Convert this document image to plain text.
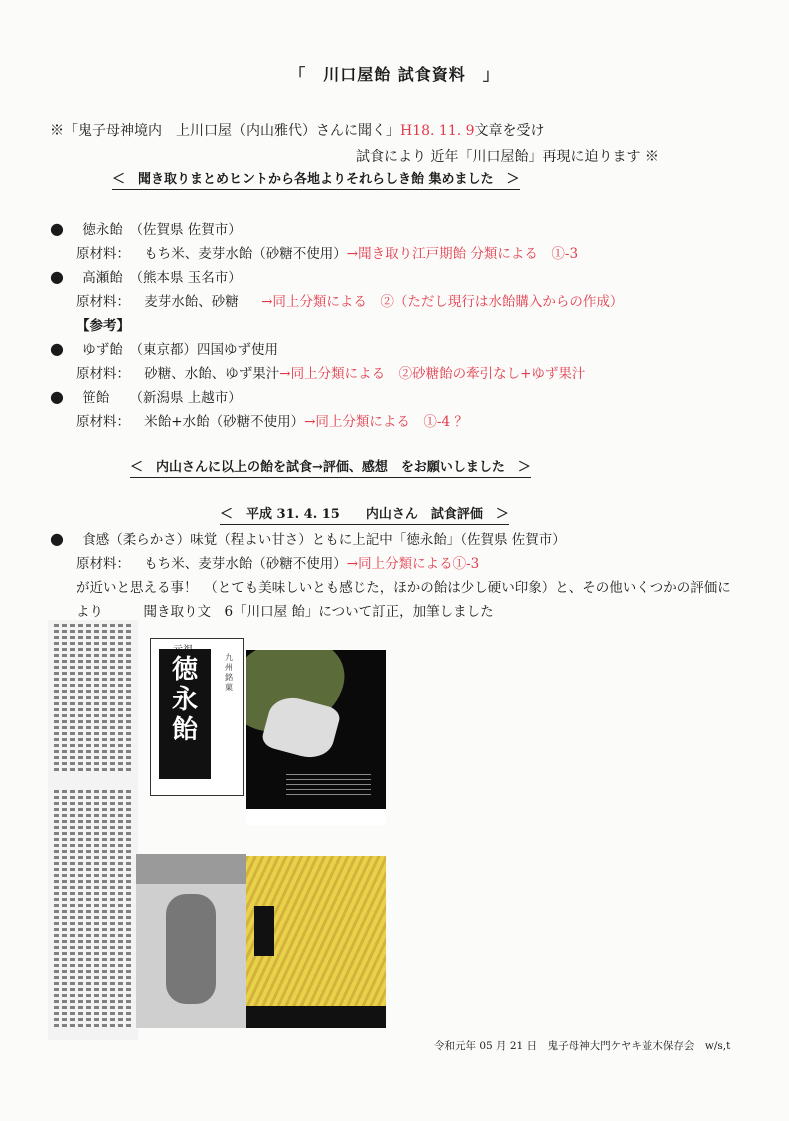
「　川口屋飴 試食資料　」
※「鬼子母神境内　上川口屋（内山雅代）さんに聞く」H18. 11. 9文章を受け
試食により 近年「川口屋飴」再現に迫ります ※
＜　聞き取りまとめヒントから各地よりそれらしき飴 集めました　＞
● 徳永飴　（佐賀県 佐賀市）
原材料： もち米、麦芽水飴（砂糖不使用）→聞き取り江戸期飴 分類による　①-3
● 高瀬飴　（熊本県 玉名市）
原材料： 麦芽水飴、砂糖 →同上分類による　②（ただし現行は水飴購入からの作成）
【参考】
● ゆず飴　（東京都）四国ゆず使用
原材料： 砂糖、水飴、ゆず果汁→同上分類による　②砂糖飴の牽引なし+ゆず果汁
● 笹飴　　（新潟県 上越市）
原材料： 米飴+水飴（砂糖不使用）→同上分類による　①-4 ？
＜　内山さんに以上の飴を試食→評価、感想　をお願いしました　＞
＜　平成 31. 4. 15　　内山さん　試食評価　＞
● 食感（柔らかさ）味覚（程よい甘さ）ともに上記中「徳永飴」（佐賀県 佐賀市）
原材料： もち米、麦芽水飴（砂糖不使用）→同上分類による①-3
が近いと思える事！　（とても美味しいとも感じた，ほかの飴は少し硬い印象）と、その他いくつかの評価に
より　　　聞き取り文　6「川口屋 飴」について訂正，加筆しました
徳永飴
九州銘菓
令和元年 05 月 21 日　鬼子母神大門ケヤキ並木保存会　w/s,t
